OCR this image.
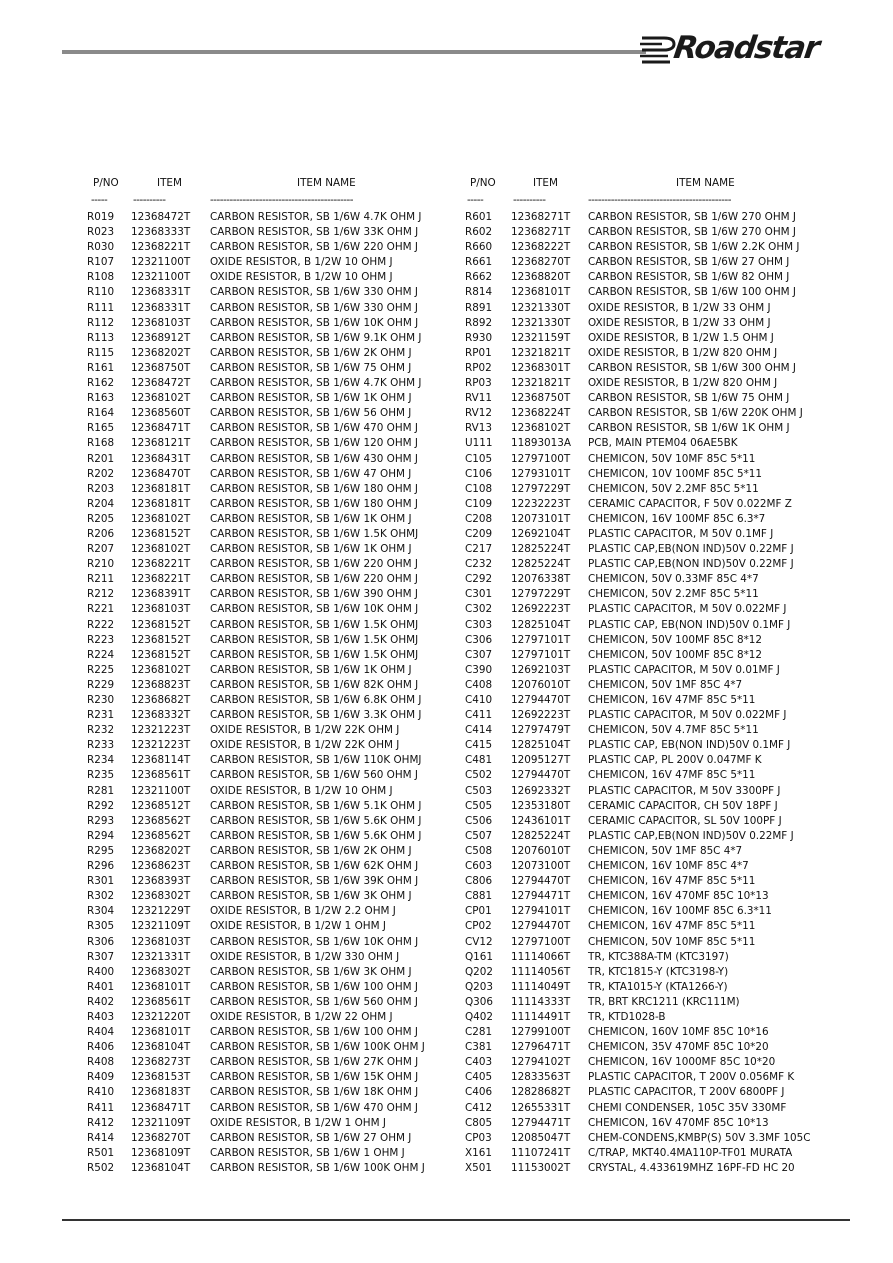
Roadstar
P/NO	ITEM	ITEM NAME
----- ----------	--------------------------------------------
R019 12368472T CARBON RESISTOR, SB 1/6W 4.7K OHM J
R023 12368333T CARBON RESISTOR, SB 1/6W 33K OHM J
R030 12368221T CARBON RESISTOR, SB 1/6W 220 OHM J
R107 12321100T OXIDE RESISTOR, B 1/2W 10 OHM J
R108 12321100T OXIDE RESISTOR, B 1/2W 10 OHM J
R110 12368331T CARBON RESISTOR, SB 1/6W 330 OHM J
R111 12368331T CARBON RESISTOR, SB 1/6W 330 OHM J
R112 12368103T CARBON RESISTOR, SB 1/6W 10K OHM J
R113 12368912T CARBON RESISTOR, SB 1/6W 9.1K OHM J
R115 12368202T CARBON RESISTOR, SB 1/6W 2K OHM J
R161 12368750T CARBON RESISTOR, SB 1/6W 75 OHM J
R162 12368472T CARBON RESISTOR, SB 1/6W 4.7K OHM J
R163 12368102T CARBON RESISTOR, SB 1/6W 1K OHM J
R164 12368560T CARBON RESISTOR, SB 1/6W 56 OHM J
R165 12368471T CARBON RESISTOR, SB 1/6W 470 OHM J
R168 12368121T CARBON RESISTOR, SB 1/6W 120 OHM J
R201 12368431T CARBON RESISTOR, SB 1/6W 430 OHM J
R202 12368470T CARBON RESISTOR, SB 1/6W 47 OHM J
R203 12368181T CARBON RESISTOR, SB 1/6W 180 OHM J
R204 12368181T CARBON RESISTOR, SB 1/6W 180 OHM J
R205 12368102T CARBON RESISTOR, SB 1/6W 1K OHM J
R206 12368152T CARBON RESISTOR, SB 1/6W 1.5K OHMJ
R207 12368102T CARBON RESISTOR, SB 1/6W 1K OHM J
R210 12368221T CARBON RESISTOR, SB 1/6W 220 OHM J
R211 12368221T CARBON RESISTOR, SB 1/6W 220 OHM J
R212 12368391T CARBON RESISTOR, SB 1/6W 390 OHM J
R221 12368103T CARBON RESISTOR, SB 1/6W 10K OHM J
R222 12368152T CARBON RESISTOR, SB 1/6W 1.5K OHMJ
R223 12368152T CARBON RESISTOR, SB 1/6W 1.5K OHMJ
R224 12368152T CARBON RESISTOR, SB 1/6W 1.5K OHMJ
R225 12368102T CARBON RESISTOR, SB 1/6W 1K OHM J
R229 12368823T CARBON RESISTOR, SB 1/6W 82K OHM J
R230 12368682T CARBON RESISTOR, SB 1/6W 6.8K OHM J
R231 12368332T CARBON RESISTOR, SB 1/6W 3.3K OHM J
R232 12321223T OXIDE RESISTOR, B 1/2W 22K OHM J
R233 12321223T OXIDE RESISTOR, B 1/2W 22K OHM J
R234 12368114T CARBON RESISTOR, SB 1/6W 110K OHMJ
R235 12368561T CARBON RESISTOR, SB 1/6W 560 OHM J
R281 12321100T OXIDE RESISTOR, B 1/2W 10 OHM J
R292 12368512T CARBON RESISTOR, SB 1/6W 5.1K OHM J
R293 12368562T CARBON RESISTOR, SB 1/6W 5.6K OHM J
R294 12368562T CARBON RESISTOR, SB 1/6W 5.6K OHM J
R295 12368202T CARBON RESISTOR, SB 1/6W 2K OHM J
R296 12368623T CARBON RESISTOR, SB 1/6W 62K OHM J
R301 12368393T CARBON RESISTOR, SB 1/6W 39K OHM J
R302 12368302T CARBON RESISTOR, SB 1/6W 3K OHM J
R304 12321229T OXIDE RESISTOR, B 1/2W 2.2 OHM J
R305 12321109T OXIDE RESISTOR, B 1/2W 1 OHM J
R306 12368103T CARBON RESISTOR, SB 1/6W 10K OHM J
R307 12321331T OXIDE RESISTOR, B 1/2W 330 OHM J
R400 12368302T CARBON RESISTOR, SB 1/6W 3K OHM J
R401 12368101T CARBON RESISTOR, SB 1/6W 100 OHM J
R402 12368561T CARBON RESISTOR, SB 1/6W 560 OHM J
R403 12321220T OXIDE RESISTOR, B 1/2W 22 OHM J
R404 12368101T CARBON RESISTOR, SB 1/6W 100 OHM J
R406 12368104T CARBON RESISTOR, SB 1/6W 100K OHM J
R408 12368273T CARBON RESISTOR, SB 1/6W 27K OHM J
R409 12368153T CARBON RESISTOR, SB 1/6W 15K OHM J
R410 12368183T CARBON RESISTOR, SB 1/6W 18K OHM J
R411 12368471T CARBON RESISTOR, SB 1/6W 470 OHM J
R412 12321109T OXIDE RESISTOR, B 1/2W 1 OHM J
R414 12368270T CARBON RESISTOR, SB 1/6W 27 OHM J
R501 12368109T CARBON RESISTOR, SB 1/6W 1 OHM J
R502 12368104T CARBON RESISTOR, SB 1/6W 100K OHM J
P/NO	ITEM	ITEM NAME
-----	----------	--------------------------------------------
R601 12368271T CARBON RESISTOR, SB 1/6W 270 OHM J
R602 12368271T CARBON RESISTOR, SB 1/6W 270 OHM J
R660 12368222T CARBON RESISTOR, SB 1/6W 2.2K OHM J
R661 12368270T CARBON RESISTOR, SB 1/6W 27 OHM J
R662 12368820T CARBON RESISTOR, SB 1/6W 82 OHM J
R814 12368101T CARBON RESISTOR, SB 1/6W 100 OHM J
R891 12321330T OXIDE RESISTOR, B 1/2W 33 OHM J
R892 12321330T OXIDE RESISTOR, B 1/2W 33 OHM J
R930 12321159T OXIDE RESISTOR, B 1/2W 1.5 OHM J
RP01 12321821T OXIDE RESISTOR, B 1/2W 820 OHM J
RP02 12368301T CARBON RESISTOR, SB 1/6W 300 OHM J
RP03 12321821T OXIDE RESISTOR, B 1/2W 820 OHM J
RV11 12368750T CARBON RESISTOR, SB 1/6W 75 OHM J
RV12 12368224T CARBON RESISTOR, SB 1/6W 220K OHM J
RV13 12368102T CARBON RESISTOR, SB 1/6W 1K OHM J
U111 11893013A PCB, MAIN PTEM04 06AE5BK
C105 12797100T CHEMICON, 50V 10MF 85C 5*11
C106 12793101T CHEMICON, 10V 100MF 85C 5*11
C108 12797229T CHEMICON, 50V 2.2MF 85C 5*11
C109 12232223T CERAMIC CAPACITOR, F 50V 0.022MF Z
C208 12073101T CHEMICON, 16V 100MF 85C 6.3*7
C209 12692104T PLASTIC CAPACITOR, M 50V 0.1MF J
C217 12825224T PLASTIC CAP,EB(NON IND)50V 0.22MF J
C232 12825224T PLASTIC CAP,EB(NON IND)50V 0.22MF J
C292 12076338T CHEMICON, 50V 0.33MF 85C 4*7
C301 12797229T CHEMICON, 50V 2.2MF 85C 5*11
C302 12692223T PLASTIC CAPACITOR, M 50V 0.022MF J
C303 12825104T PLASTIC CAP, EB(NON IND)50V 0.1MF J
C306 12797101T CHEMICON, 50V 100MF 85C 8*12
C307 12797101T CHEMICON, 50V 100MF 85C 8*12
C390 12692103T PLASTIC CAPACITOR, M 50V 0.01MF J
C408 12076010T CHEMICON, 50V 1MF 85C 4*7
C410 12794470T CHEMICON, 16V 47MF 85C 5*11
C411 12692223T PLASTIC CAPACITOR, M 50V 0.022MF J
C414 12797479T CHEMICON, 50V 4.7MF 85C 5*11
C415 12825104T PLASTIC CAP, EB(NON IND)50V 0.1MF J
C481 12095127T PLASTIC CAP, PL 200V 0.047MF K
C502 12794470T CHEMICON, 16V 47MF 85C 5*11
C503 12692332T PLASTIC CAPACITOR, M 50V 3300PF J
C505 12353180T CERAMIC CAPACITOR, CH 50V 18PF J
C506 12436101T CERAMIC CAPACITOR, SL 50V 100PF J
C507 12825224T PLASTIC CAP,EB(NON IND)50V 0.22MF J
C508 12076010T CHEMICON, 50V 1MF 85C 4*7
C603 12073100T CHEMICON, 16V 10MF 85C 4*7
C806 12794470T CHEMICON, 16V 47MF 85C 5*11
C881 12794471T CHEMICON, 16V 470MF 85C 10*13
CP01 12794101T CHEMICON, 16V 100MF 85C 6.3*11
CP02 12794470T CHEMICON, 16V 47MF 85C 5*11
CV12 12797100T CHEMICON, 50V 10MF 85C 5*11
Q161 11114066T TR, KTC388A-TM (KTC3197)
Q202 11114056T TR, KTC1815-Y (KTC3198-Y)
Q203 11114049T TR, KTA1015-Y (KTA1266-Y)
Q306 11114333T TR, BRT KRC1211 (KRC111M)
Q402 11114491T TR, KTD1028-B
C281 12799100T CHEMICON, 160V 10MF 85C 10*16
C381 12796471T CHEMICON, 35V 470MF 85C 10*20
C403 12794102T CHEMICON, 16V 1000MF 85C 10*20
C405 12833563T PLASTIC CAPACITOR, T 200V 0.056MF K
C406 12828682T PLASTIC CAPACITOR, T 200V 6800PF J
C412 12655331T CHEMI CONDENSER, 105C 35V 330MF
C805 12794471T CHEMICON, 16V 470MF 85C 10*13
CP03 12085047T CHEM-CONDENS,KMBP(S) 50V 3.3MF 105C
X161 11107241T C/TRAP, MKT40.4MA110P-TF01 MURATA
X501 11153002T CRYSTAL, 4.433619MHZ 16PF-FD HC 20
